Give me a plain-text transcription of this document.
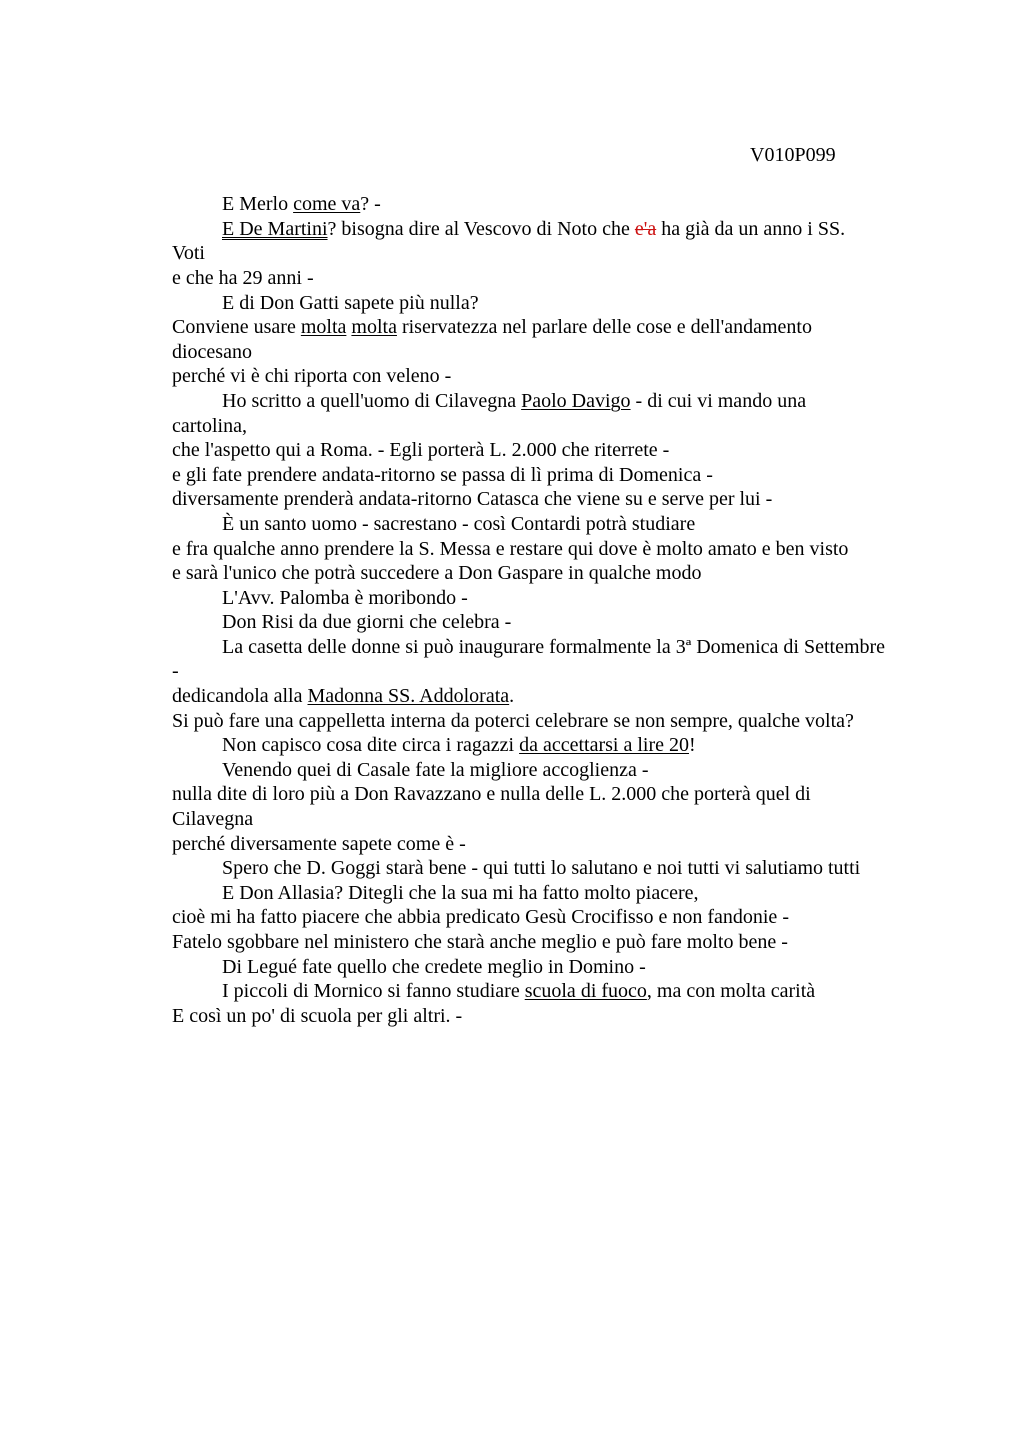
V010P099
E Merlo come va? -
E De Martini? bisogna dire al Vescovo di Noto che e'a ha già da un anno i SS.
Voti
e che ha 29 anni -
E di Don Gatti sapete più nulla?
Conviene usare molta molta riservatezza nel parlare delle cose e dell'andamento
diocesano
perché vi è chi riporta con veleno -
Ho scritto a quell'uomo di Cilavegna Paolo Davigo - di cui vi mando una
cartolina,
che l'aspetto qui a Roma. - Egli porterà L. 2.000 che riterrete -
e gli fate prendere andata-ritorno se passa di lì prima di Domenica -
diversamente prenderà andata-ritorno Catasca che viene su e serve per lui -
È un santo uomo - sacrestano - così Contardi potrà studiare
e fra qualche anno prendere la S. Messa e restare qui dove è molto amato e ben visto
e sarà l'unico che potrà succedere a Don Gaspare in qualche modo
L'Avv. Palomba è moribondo -
Don Risi da due giorni che celebra -
La casetta delle donne si può inaugurare formalmente la 3ª Domenica di Settembre
-
dedicandola alla Madonna SS. Addolorata.
Si può fare una cappelletta interna da poterci celebrare se non sempre, qualche volta?
Non capisco cosa dite circa i ragazzi da accettarsi a lire 20!
Venendo quei di Casale fate la migliore accoglienza -
nulla dite di loro più a Don Ravazzano e nulla delle L. 2.000 che porterà quel di
Cilavegna
perché diversamente sapete come è -
Spero che D. Goggi starà bene - qui tutti lo salutano e noi tutti vi salutiamo tutti
E Don Allasia? Ditegli che la sua mi ha fatto molto piacere,
cioè mi ha fatto piacere che abbia predicato Gesù Crocifisso e non fandonie -
Fatelo sgobbare nel ministero che starà anche meglio e può fare molto bene -
Di Legué fate quello che credete meglio in Domino -
I piccoli di Mornico si fanno studiare scuola di fuoco, ma con molta carità
E così un po' di scuola per gli altri. -
